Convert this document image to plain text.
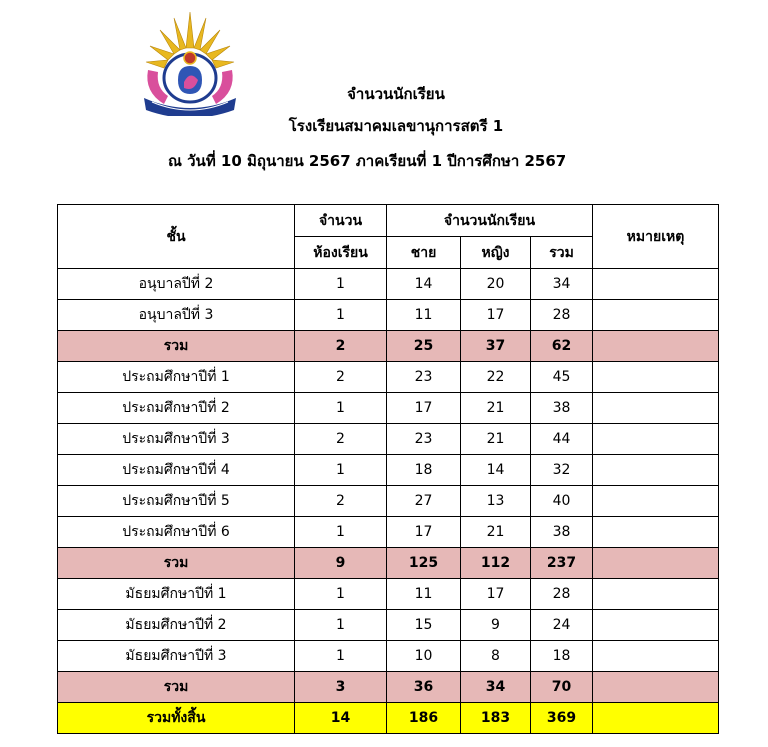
จำนวนนักเรียน
โรงเรียนสมาคมเลขานุการสตรี 1
ณ วันที่ 10 มิถุนายน 2567 ภาคเรียนที่ 1 ปีการศึกษา 2567
ชั้น	จำนวน	จำนวนนักเรียน			หมายเหตุ
	ห้องเรียน	ชาย	หญิง	รวม	
อนุบาลปีที่ 2	1	14	20	34	
อนุบาลปีที่ 3	1	11	17	28	
รวม	2	25	37	62	
ประถมศึกษาปีที่ 1	2	23	22	45	
ประถมศึกษาปีที่ 2	1	17	21	38	
ประถมศึกษาปีที่ 3	2	23	21	44	
ประถมศึกษาปีที่ 4	1	18	14	32	
ประถมศึกษาปีที่ 5	2	27	13	40	
ประถมศึกษาปีที่ 6	1	17	21	38	
รวม	9	125	112	237	
มัธยมศึกษาปีที่ 1	1	11	17	28	
มัธยมศึกษาปีที่ 2	1	15	9	24	
มัธยมศึกษาปีที่ 3	1	10	8	18	
รวม	3	36	34	70	
รวมทั้งสิ้น	14	186	183	369	
